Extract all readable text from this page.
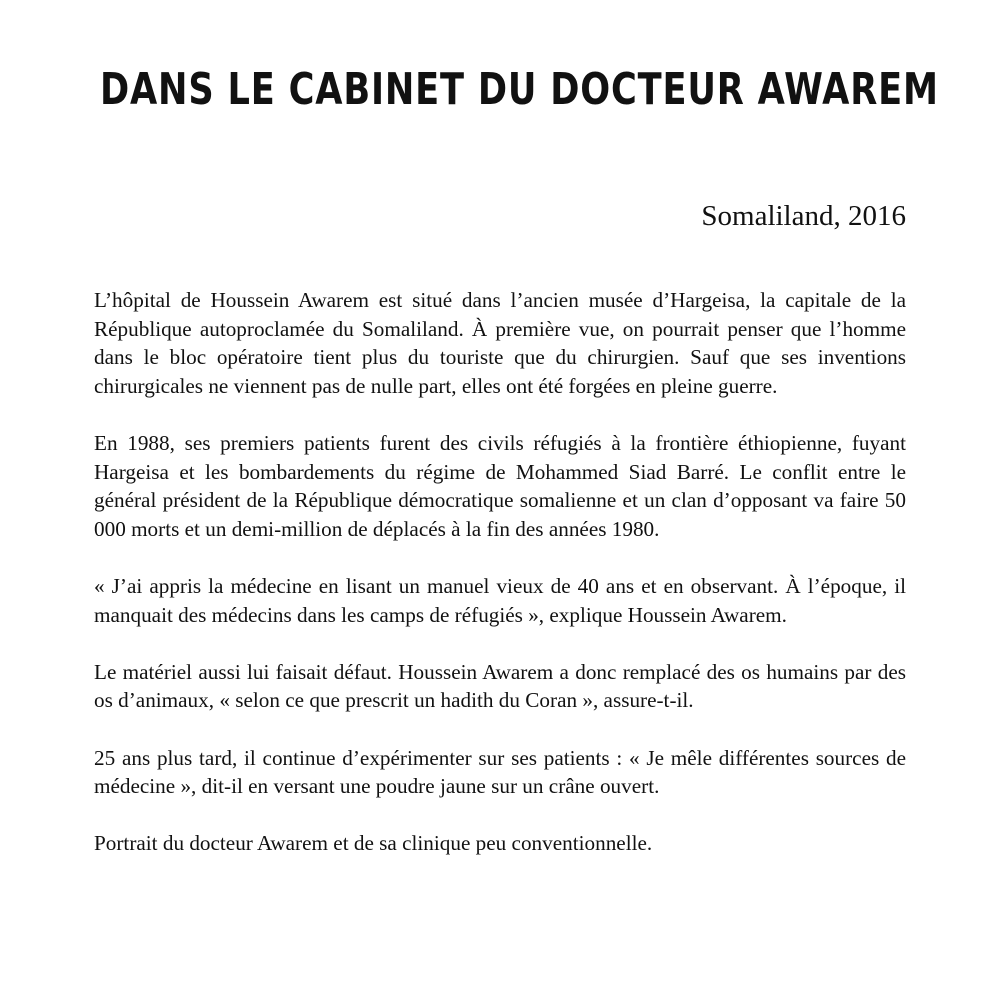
DANS LE CABINET DU DOCTEUR AWAREM

Somaliland, 2016

L’hôpital de Houssein Awarem est situé dans l’ancien musée d’Hargeisa, la capitale de la République autoproclamée du Somaliland. À première vue, on pourrait penser que l’homme dans le bloc opératoire tient plus du touriste que du chirurgien. Sauf que ses inventions chirurgicales ne viennent pas de nulle part, elles ont été forgées en pleine guerre.

En 1988, ses premiers patients furent des civils réfugiés à la frontière éthiopienne, fuyant Hargeisa et les bombardements du régime de Mohammed Siad Barré. Le conflit entre le général président de la République démocratique somalienne et un clan d’opposant va faire 50 000 morts et un demi-million de déplacés à la fin des années 1980.

« J’ai appris la médecine en lisant un manuel vieux de 40 ans et en observant. À l’époque, il manquait des médecins dans les camps de réfugiés », explique Houssein Awarem.

Le matériel aussi lui faisait défaut. Houssein Awarem a donc remplacé des os humains par des os d’animaux, « selon ce que prescrit un hadith du Coran », assure-t-il.

25 ans plus tard, il continue d’expérimenter sur ses patients : « Je mêle différentes sources de médecine », dit-il en versant une poudre jaune sur un crâne ouvert.

Portrait du docteur Awarem et de sa clinique peu conventionnelle.
